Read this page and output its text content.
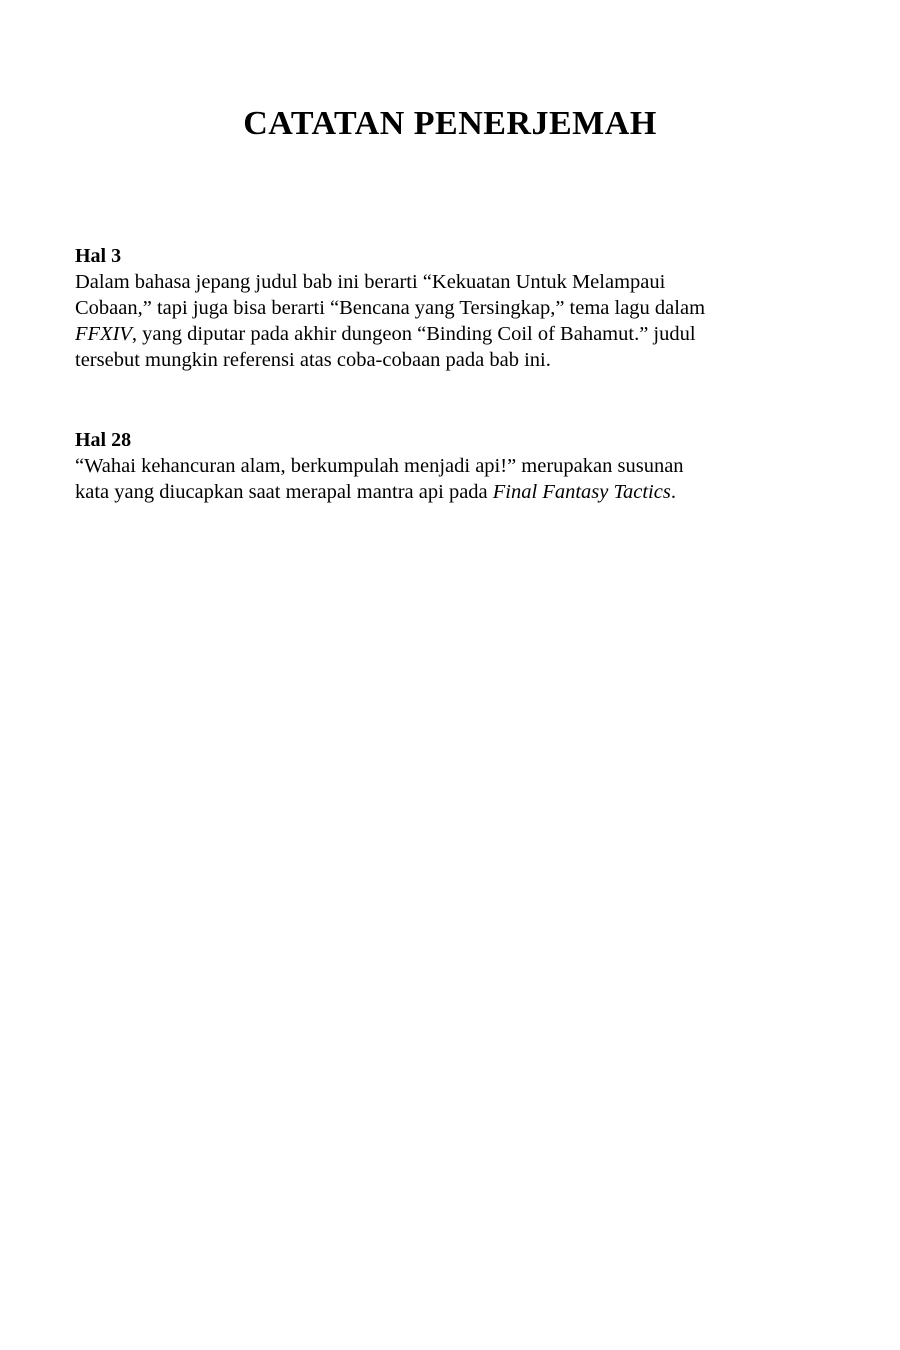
CATATAN PENERJEMAH
Hal 3

Dalam bahasa jepang judul bab ini berarti “Kekuatan Untuk Melampaui
Cobaan,” tapi juga bisa berarti “Bencana yang Tersingkap,” tema lagu dalam
FFXIV, yang diputar pada akhir dungeon “Binding Coil of Bahamut.” judul
tersebut mungkin referensi atas coba-cobaan pada bab ini.

Hal 28

“Wahai kehancuran alam, berkumpulah menjadi api!” merupakan susunan
kata yang diucapkan saat merapal mantra api pada Final Fantasy Tactics.
